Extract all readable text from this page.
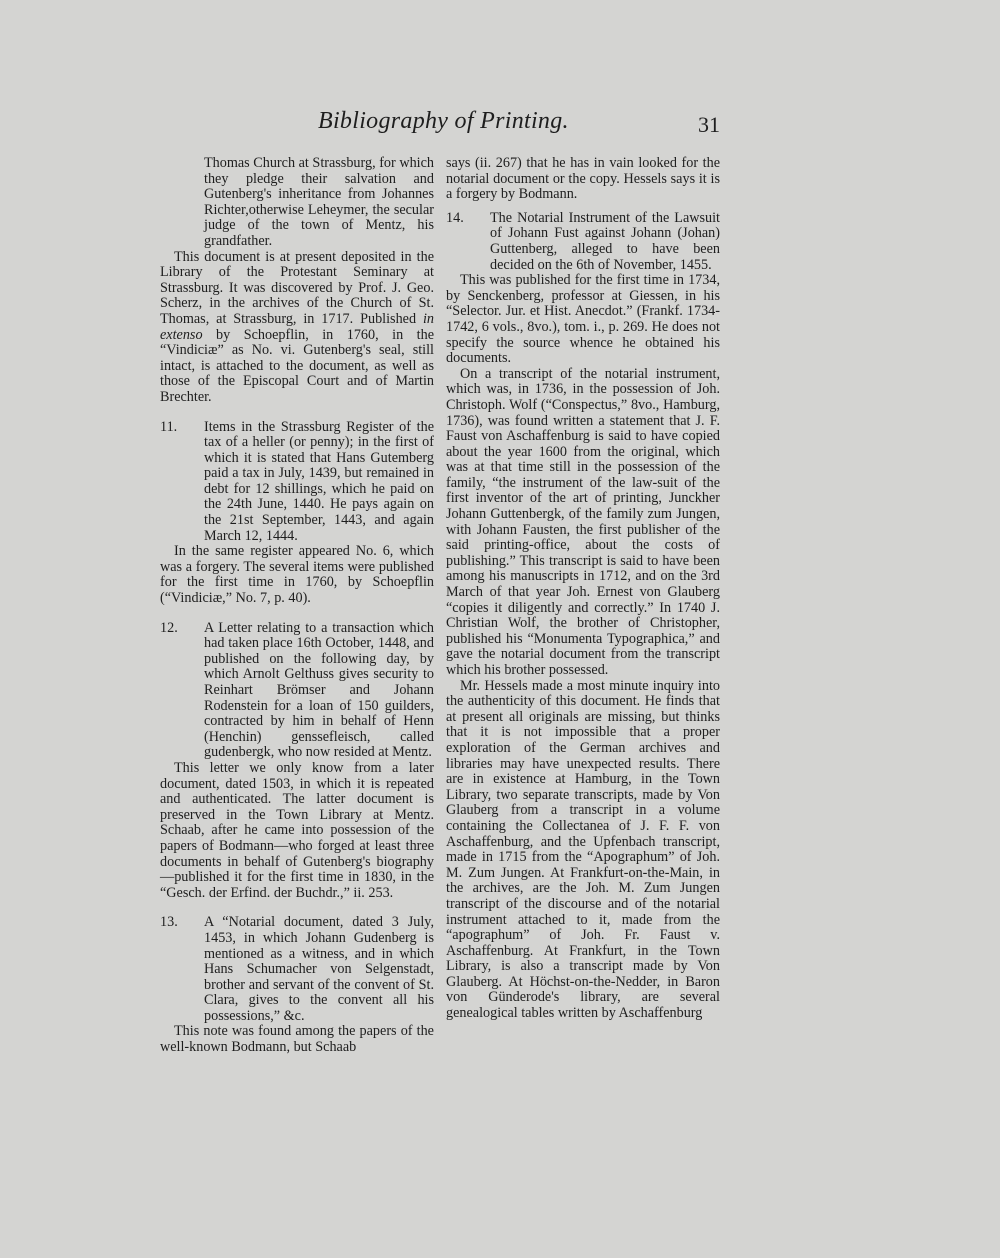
Bibliography of Printing.	31

Thomas Church at Strassburg, for which they pledge their salvation and Gutenberg's inheritance from Johannes Richter,otherwise Leheymer, the secular judge of the town of Mentz, his grandfather.

This document is at present deposited in the Library of the Protestant Seminary at Strassburg. It was discovered by Prof. J. Geo. Scherz, in the archives of the Church of St. Thomas, at Strassburg, in 1717. Published in extenso by Schoepflin, in 1760, in the “Vindiciæ” as No. vi. Gutenberg's seal, still intact, is attached to the document, as well as those of the Episcopal Court and of Martin Brechter.

11. Items in the Strassburg Register of the tax of a heller (or penny); in the first of which it is stated that Hans Gutemberg paid a tax in July, 1439, but remained in debt for 12 shillings, which he paid on the 24th June, 1440. He pays again on the 21st September, 1443, and again March 12, 1444.

In the same register appeared No. 6, which was a forgery. The several items were published for the first time in 1760, by Schoepflin (“Vindiciæ,” No. 7, p. 40).

12. A Letter relating to a transaction which had taken place 16th October, 1448, and published on the following day, by which Arnolt Gelthuss gives security to Reinhart Brömser and Johann Rodenstein for a loan of 150 guilders, contracted by him in behalf of Henn (Henchin) genssefleisch, called gudenbergk, who now resided at Mentz.

This letter we only know from a later document, dated 1503, in which it is repeated and authenticated. The latter document is preserved in the Town Library at Mentz. Schaab, after he came into possession of the papers of Bodmann—who forged at least three documents in behalf of Gutenberg's biography—published it for the first time in 1830, in the “Gesch. der Erfind. der Buchdr.,” ii. 253.

13. A “Notarial document, dated 3 July, 1453, in which Johann Gudenberg is mentioned as a witness, and in which Hans Schumacher von Selgenstadt, brother and servant of the convent of St. Clara, gives to the convent all his possessions,” &c.

This note was found among the papers of the well-known Bodmann, but Schaab

says (ii. 267) that he has in vain looked for the notarial document or the copy. Hessels says it is a forgery by Bodmann.

14. The Notarial Instrument of the Lawsuit of Johann Fust against Johann (Johan) Guttenberg, alleged to have been decided on the 6th of November, 1455.

This was published for the first time in 1734, by Senckenberg, professor at Giessen, in his “Selector. Jur. et Hist. Anecdot.” (Frankf. 1734-1742, 6 vols., 8vo.), tom. i., p. 269. He does not specify the source whence he obtained his documents.

On a transcript of the notarial instrument, which was, in 1736, in the possession of Joh. Christoph. Wolf (“Conspectus,” 8vo., Hamburg, 1736), was found written a statement that J. F. Faust von Aschaffenburg is said to have copied about the year 1600 from the original, which was at that time still in the possession of the family, “the instrument of the law-suit of the first inventor of the art of printing, Junckher Johann Guttenbergk, of the family zum Jungen, with Johann Fausten, the first publisher of the said printing-office, about the costs of publishing.” This transcript is said to have been among his manuscripts in 1712, and on the 3rd March of that year Joh. Ernest von Glauberg “copies it diligently and correctly.” In 1740 J. Christian Wolf, the brother of Christopher, published his “Monumenta Typographica,” and gave the notarial document from the transcript which his brother possessed.

Mr. Hessels made a most minute inquiry into the authenticity of this document. He finds that at present all originals are missing, but thinks that it is not impossible that a proper exploration of the German archives and libraries may have unexpected results. There are in existence at Hamburg, in the Town Library, two separate transcripts, made by Von Glauberg from a transcript in a volume containing the Collectanea of J. F. F. von Aschaffenburg, and the Upfenbach transcript, made in 1715 from the “Apographum” of Joh. M. Zum Jungen. At Frankfurt-on-the-Main, in the archives, are the Joh. M. Zum Jungen transcript of the discourse and of the notarial instrument attached to it, made from the “apographum” of Joh. Fr. Faust v. Aschaffenburg. At Frankfurt, in the Town Library, is also a transcript made by Von Glauberg. At Höchst-on-the-Nedder, in Baron von Günderode's library, are several genealogical tables written by Aschaffenburg
